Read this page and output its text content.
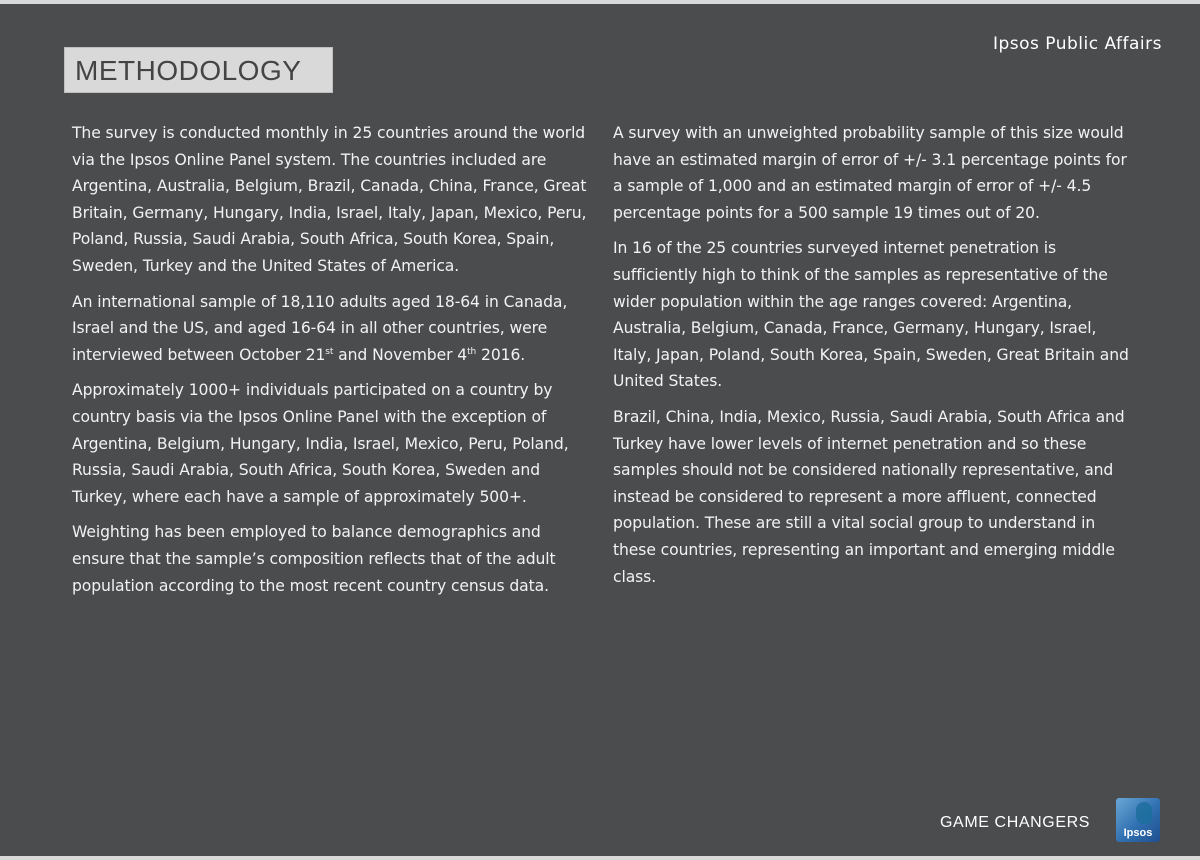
Ipsos Public Affairs
METHODOLOGY

The survey is conducted monthly in 25 countries around the world via the Ipsos Online Panel system. The countries included are Argentina, Australia, Belgium, Brazil, Canada, China, France, Great Britain, Germany, Hungary, India, Israel, Italy, Japan, Mexico, Peru, Poland, Russia, Saudi Arabia, South Africa, South Korea, Spain, Sweden, Turkey and the United States of America.

An international sample of 18,110 adults aged 18-64 in Canada, Israel and the US, and aged 16-64 in all other countries, were interviewed between October 21st and November 4th 2016.

Approximately 1000+ individuals participated on a country by country basis via the Ipsos Online Panel with the exception of Argentina, Belgium, Hungary, India, Israel, Mexico, Peru, Poland, Russia, Saudi Arabia, South Africa, South Korea, Sweden and Turkey, where each have a sample of approximately 500+.

Weighting has been employed to balance demographics and ensure that the sample’s composition reflects that of the adult population according to the most recent country census data.

A survey with an unweighted probability sample of this size would have an estimated margin of error of +/- 3.1 percentage points for a sample of 1,000 and an estimated margin of error of +/- 4.5 percentage points for a 500 sample 19 times out of 20.

In 16 of the 25 countries surveyed internet penetration is sufficiently high to think of the samples as representative of the wider population within the age ranges covered: Argentina, Australia, Belgium, Canada, France, Germany, Hungary, Israel, Italy, Japan, Poland, South Korea, Spain, Sweden, Great Britain and United States.

Brazil, China, India, Mexico, Russia, Saudi Arabia, South Africa and Turkey have lower levels of internet penetration and so these samples should not be considered nationally representative, and instead be considered to represent a more affluent, connected population. These are still a vital social group to understand in these countries, representing an important and emerging middle class.

GAME CHANGERS
Ipsos
